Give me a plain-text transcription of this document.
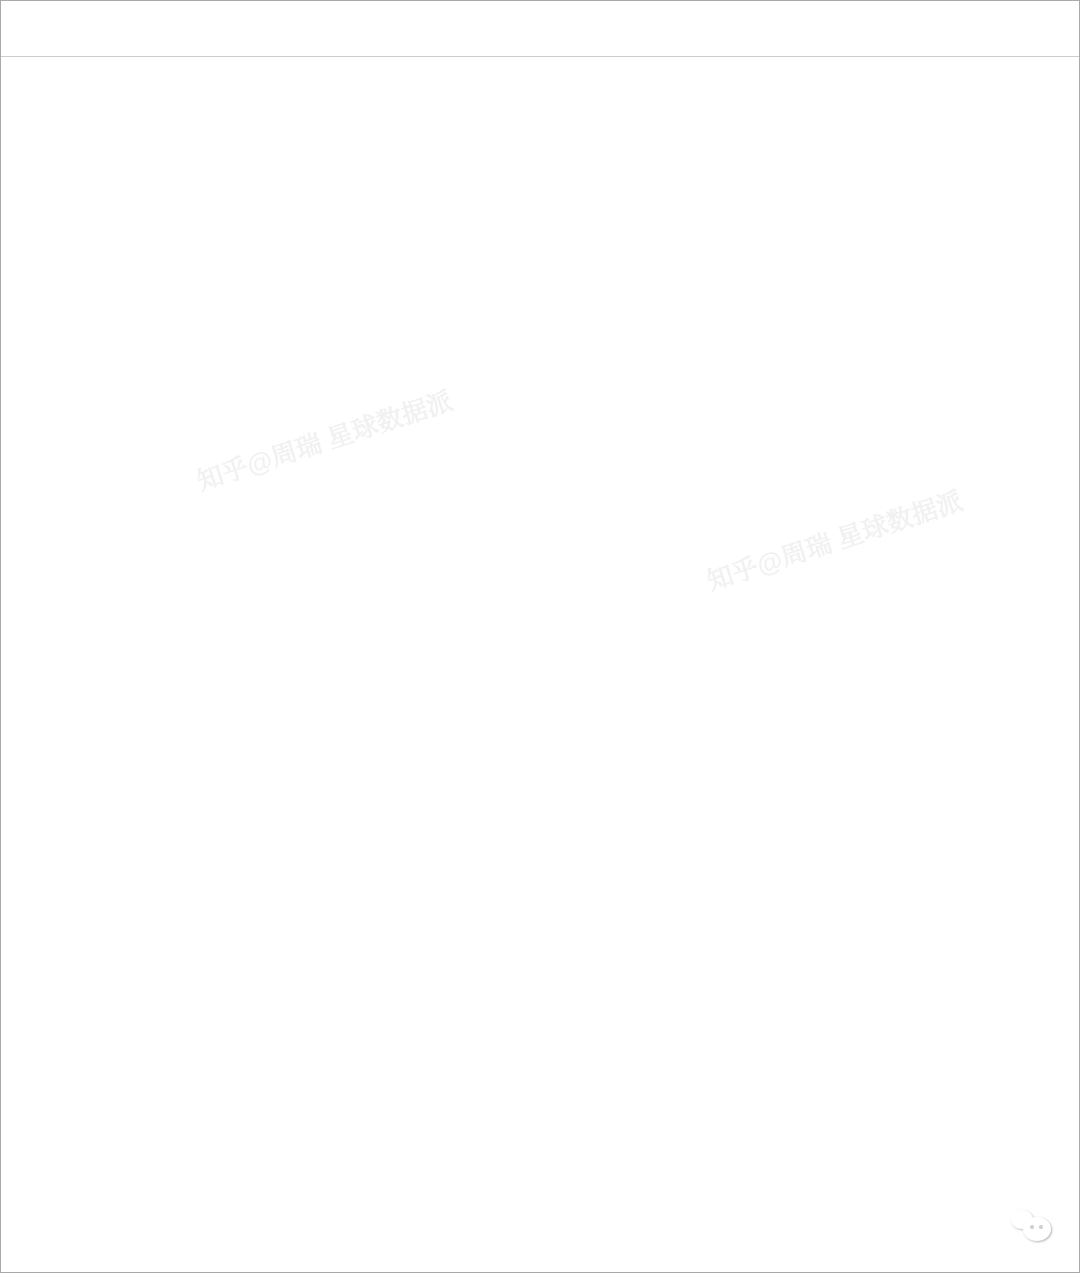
知乎@周瑞 星球数据派
知乎@周瑞 星球数据派
